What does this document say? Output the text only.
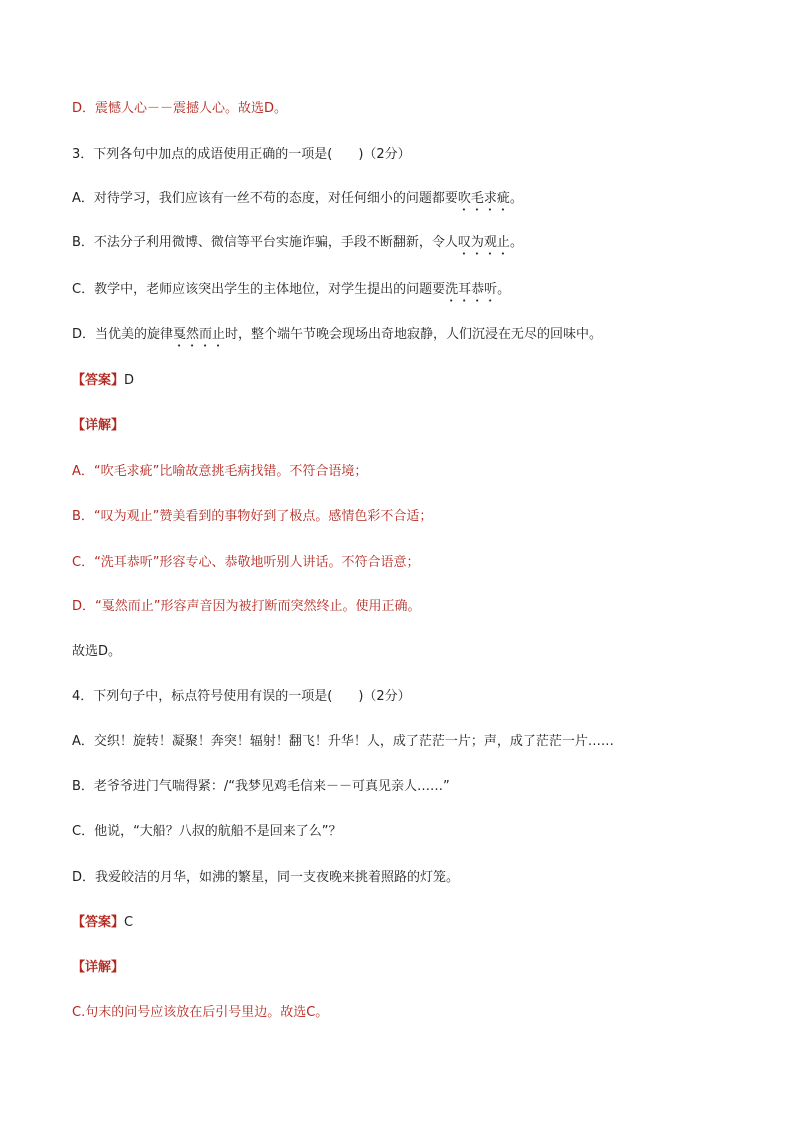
D．震憾人心－－震撼人心。故选D。
3．下列各句中加点的成语使用正确的一项是(　　)（2分）
A．对待学习，我们应该有一丝不苟的态度，对任何细小的问题都要吹毛求疵。
B．不法分子利用微博、微信等平台实施诈骗，手段不断翻新，令人叹为观止。
C．教学中，老师应该突出学生的主体地位，对学生提出的问题要洗耳恭听。
D．当优美的旋律戛然而止时，整个端午节晚会现场出奇地寂静，人们沉浸在无尽的回味中。
【答案】D
【详解】
A．“吹毛求疵”比喻故意挑毛病找错。不符合语境；
B．“叹为观止”赞美看到的事物好到了极点。感情色彩不合适；
C．“洗耳恭听”形容专心、恭敬地听别人讲话。不符合语意；
D．“戛然而止”形容声音因为被打断而突然终止。使用正确。
故选D。
4．下列句子中，标点符号使用有误的一项是(　　)（2分）
A．交织！旋转！凝聚！奔突！辐射！翻飞！升华！人，成了茫茫一片；声，成了茫茫一片……
B．老爷爷进门气喘得紧：/“我梦见鸡毛信来－－可真见亲人……”
C．他说，“大船？八叔的航船不是回来了么”？
D．我爱皎洁的月华，如沸的繁星，同一支夜晚来挑着照路的灯笼。
【答案】C
【详解】
C.句末的问号应该放在后引号里边。故选C。
